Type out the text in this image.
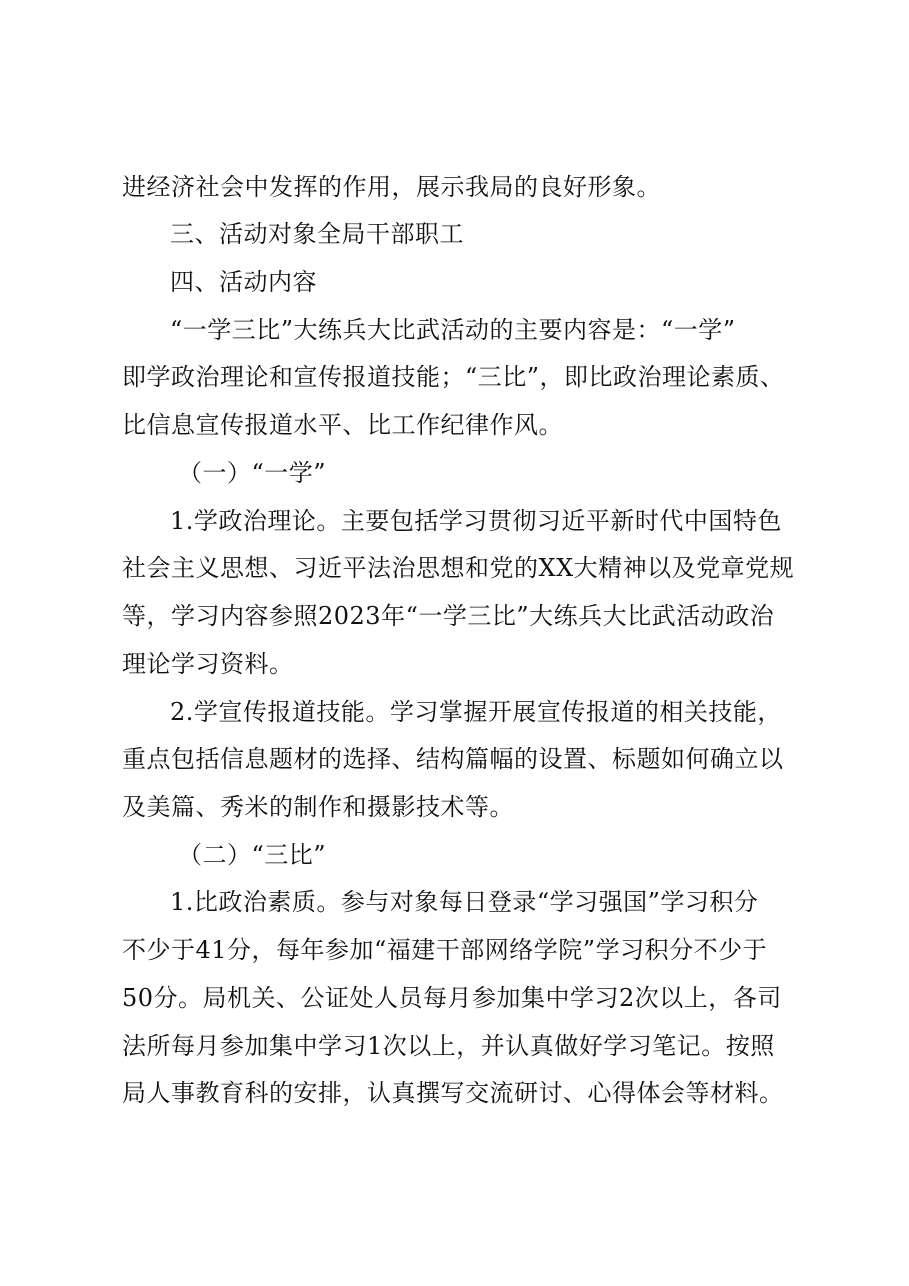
进经济社会中发挥的作用，展示我局的良好形象。
三、活动对象全局干部职工
四、活动内容
“一学三比”大练兵大比武活动的主要内容是：“一学”
即学政治理论和宣传报道技能；“三比”，即比政治理论素质、
比信息宣传报道水平、比工作纪律作风。
（一）“一学”
1.学政治理论。主要包括学习贯彻习近平新时代中国特色
社会主义思想、习近平法治思想和党的XX大精神以及党章党规
等，学习内容参照2023年“一学三比”大练兵大比武活动政治
理论学习资料。
2.学宣传报道技能。学习掌握开展宣传报道的相关技能，
重点包括信息题材的选择、结构篇幅的设置、标题如何确立以
及美篇、秀米的制作和摄影技术等。
（二）“三比”
1.比政治素质。参与对象每日登录“学习强国”学习积分
不少于41分，每年参加“福建干部网络学院”学习积分不少于
50分。局机关、公证处人员每月参加集中学习2次以上，各司
法所每月参加集中学习1次以上，并认真做好学习笔记。按照
局人事教育科的安排，认真撰写交流研讨、心得体会等材料。
